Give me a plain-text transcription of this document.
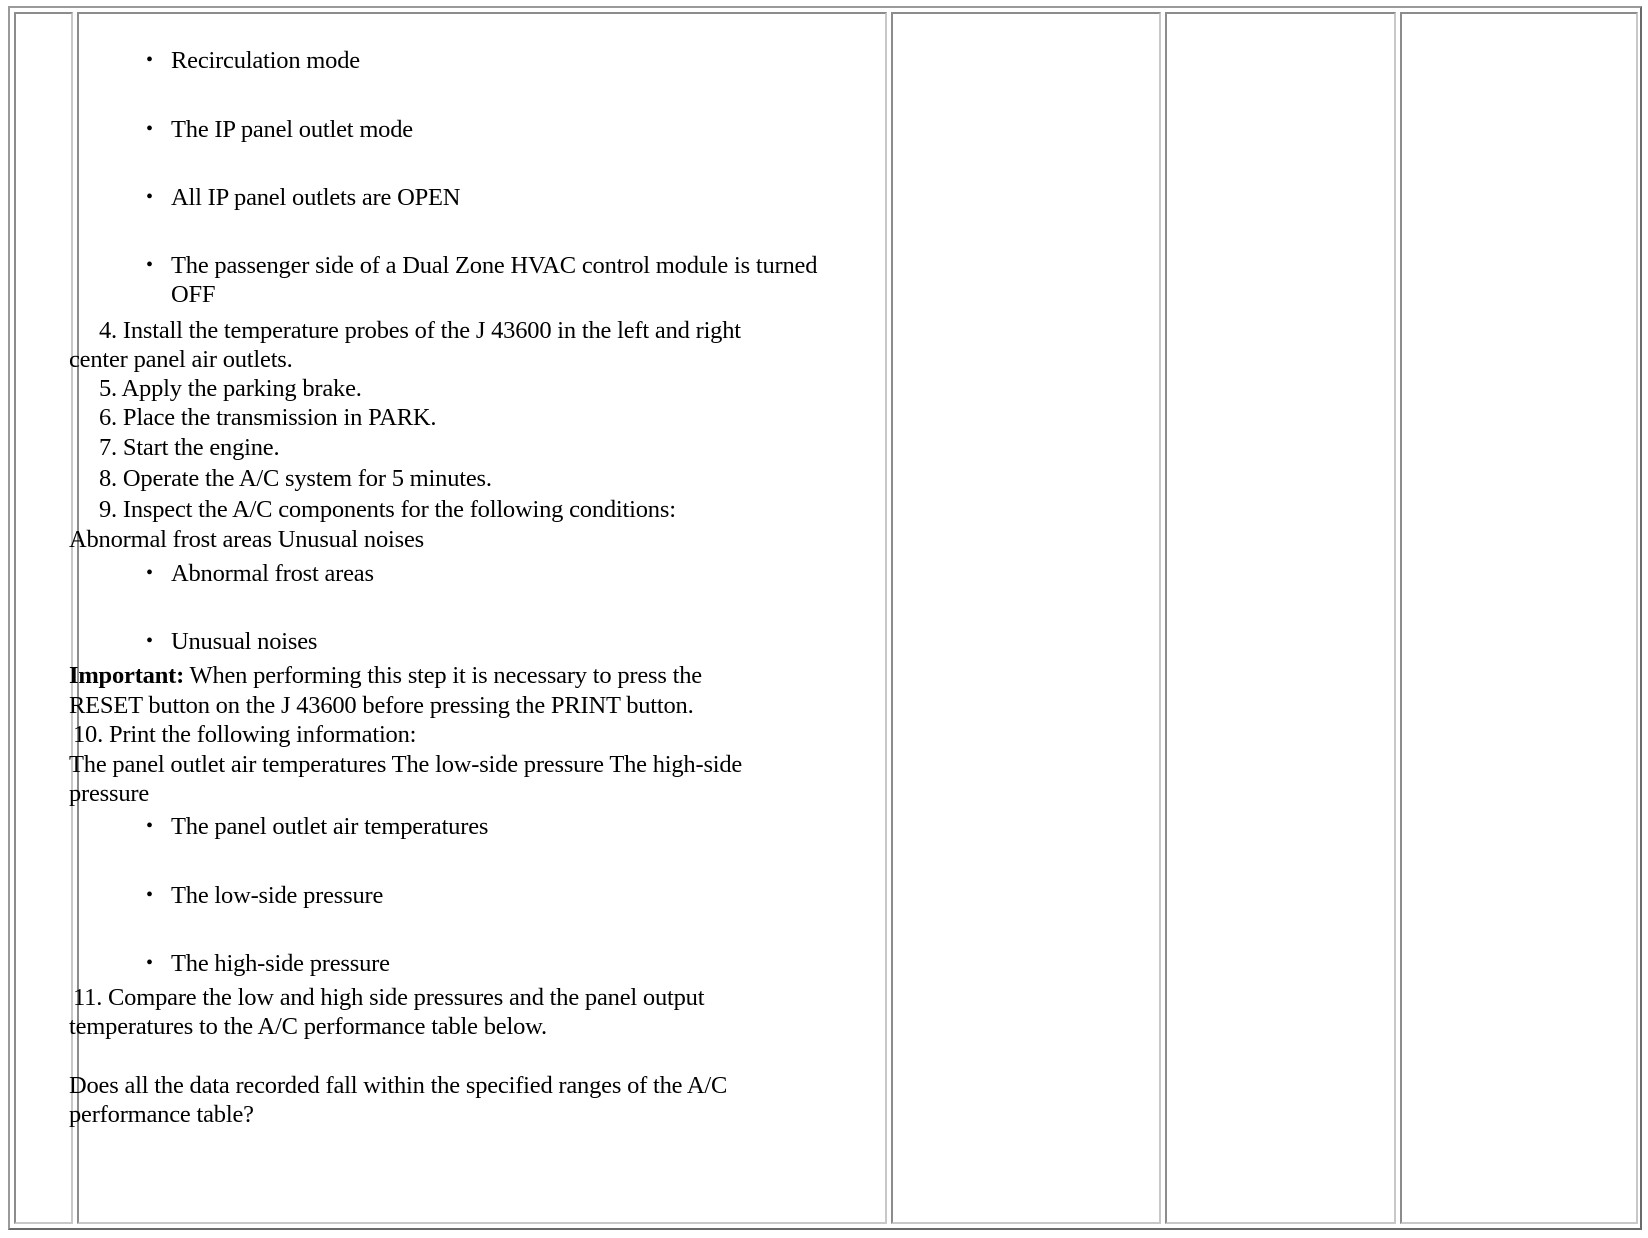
• Recirculation mode
• The IP panel outlet mode
• All IP panel outlets are OPEN
• The passenger side of a Dual Zone HVAC control module is turned OFF
4. Install the temperature probes of the J 43600 in the left and right
center panel air outlets.
5. Apply the parking brake.
6. Place the transmission in PARK.
7. Start the engine.
8. Operate the A/C system for 5 minutes.
9. Inspect the A/C components for the following conditions:
Abnormal frost areas Unusual noises
• Abnormal frost areas
• Unusual noises
Important: When performing this step it is necessary to press the
RESET button on the J 43600 before pressing the PRINT button.
10. Print the following information:
The panel outlet air temperatures The low-side pressure The high-side
pressure
• The panel outlet air temperatures
• The low-side pressure
• The high-side pressure
11. Compare the low and high side pressures and the panel output
temperatures to the A/C performance table below.
Does all the data recorded fall within the specified ranges of the A/C
performance table?
